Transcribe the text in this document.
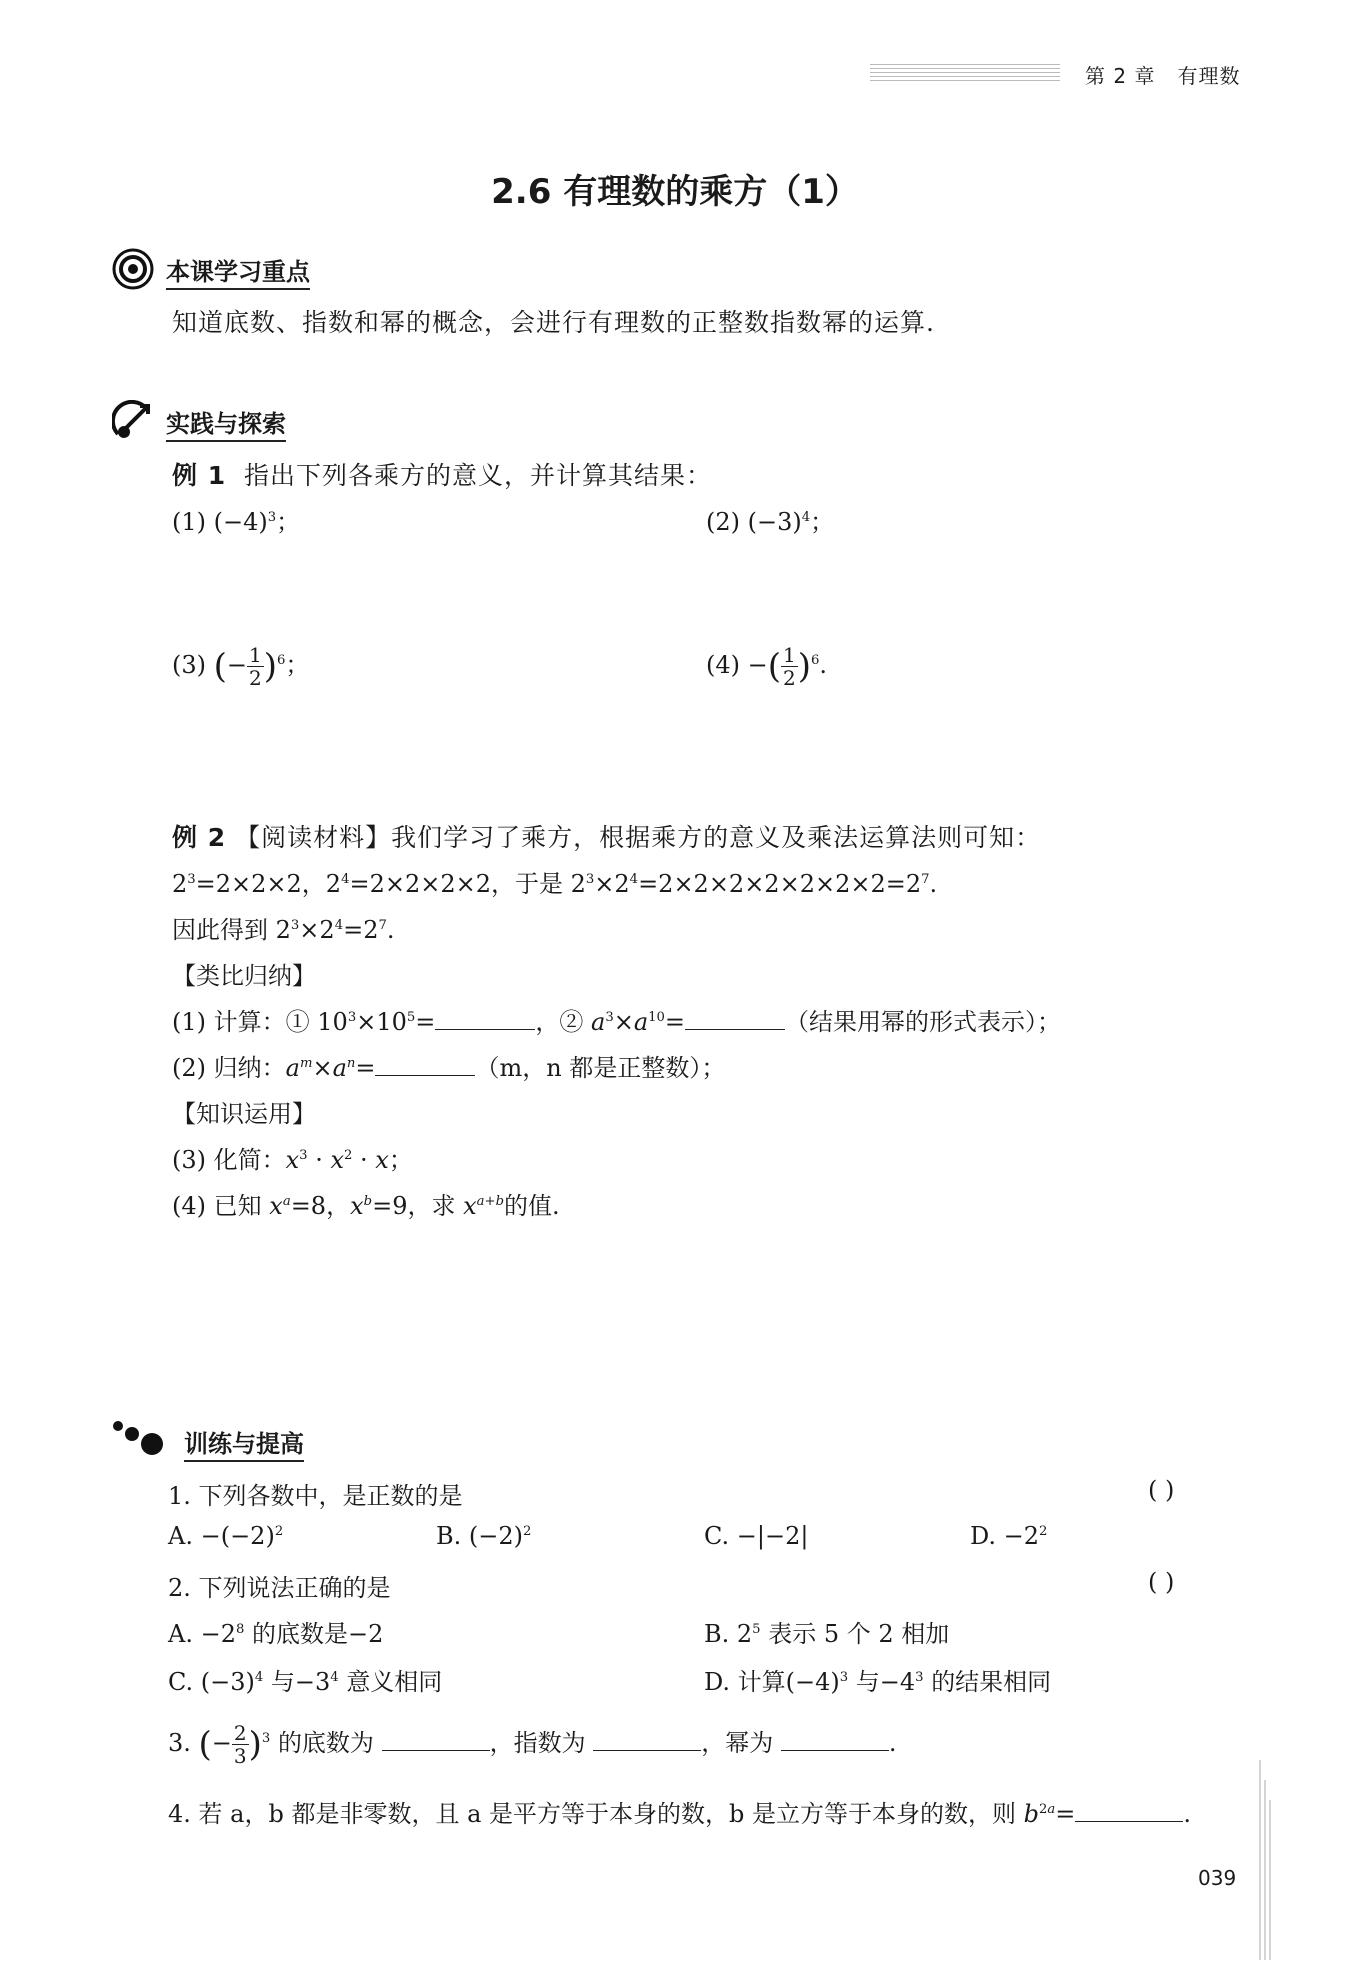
第 2 章 有理数
2.6 有理数的乘方（1）
本课学习重点
知道底数、指数和幂的概念，会进行有理数的正整数指数幂的运算.
实践与探索
例 1 指出下列各乘方的意义，并计算其结果：
(1) $(-4)^3$；	(2) $(-3)^4$；
(3) (− $\frac{1}{2} )^6$；	(4) −( $\frac{1}{2} )^6$.
例 2 【阅读材料】我们学习了乘方，根据乘方的意义及乘法运算法则可知：
$2^3=2\times 2\times 2$，$2^4=2\times 2\times 2\times 2$，于是 $2^3\times 2^4=2\times 2\times 2\times 2\times 2\times 2\times 2=2^7$.
因此得到 $2^3\times 2^4=2^7$.
【类比归纳】
(1) 计算：① $10^3\times 10^5=$	，② $a^3\times a^{10}=$	（结果用幂的形式表示）；
(2) 归纳：$a^m\times a^n=$	（m，n 都是正整数）；
【知识运用】
(3) 化简：$x^3 \cdot x^2 \cdot x$；
(4) 已知 $x^a=8$，$x^b=9$，求 $x^{a+b}$的值.
训练与提高
1. 下列各数中，是正数的是	( )
A. $-(-2)^2$	B. $(-2)^2$	C. −|−2|	D. $-2^2$
2. 下列说法正确的是	( )
A. $-2^8$ 的底数是−2	B. $2^5$ 表示 5 个 2 相加
C. $(-3)^4$ 与$-3^4$ 意义相同	D. 计算$(-4)^3$ 与$-4^3$ 的结果相同
3. (− $\frac{2}{3} )^3$ 的底数为	，指数为	，幂为	.
4. 若 a，b 都是非零数，且 a 是平方等于本身的数，b 是立方等于本身的数，则 $b^{2a}=$	.
039
